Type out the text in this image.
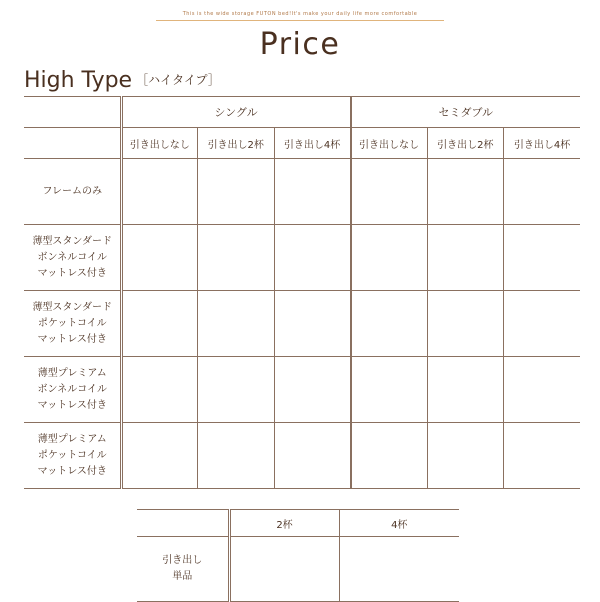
This is the wide storage FUTON bed!It's make your daily life more comfortable
Price
High Type $^{[ハイタイプ]}$
	シングル			セミダブル		
	引き出しなし	引き出し2杯	引き出し4杯	引き出しなし	引き出し2杯	引き出し4杯

フレームのみ						

薄型スタンダード
ボンネルコイル
マットレス付き						

薄型スタンダード
ポケットコイル
マットレス付き						

薄型プレミアム
ボンネルコイル
マットレス付き						

薄型プレミアム
ポケットコイル
マットレス付き						

	2杯	4杯

引き出し
単品		
